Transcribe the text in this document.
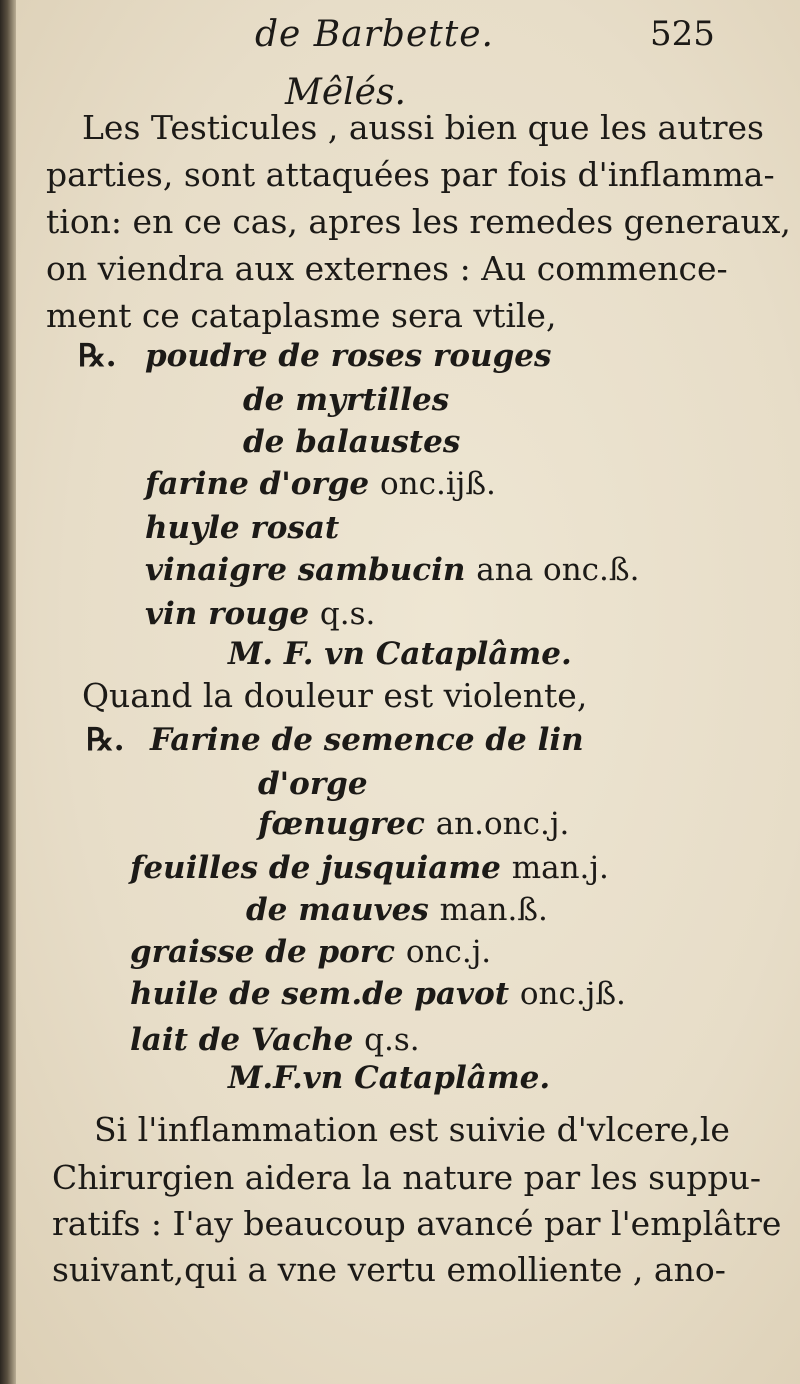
de Barbette.	525
Mêlés.
Les Testicules , aussi bien que les autres
parties, sont attaquées par fois d'inflamma-
tion: en ce cas, apres les remedes generaux,
on viendra aux externes : Au commence-
ment ce cataplasme sera vtile,
℞. poudre de roses rouges
de myrtilles
de balaustes
farine d'orge onc.ijß.
huyle rosat
vinaigre sambucin ana onc.ß.
vin rouge q.s.
M. F. vn Cataplâme.
Quand la douleur est violente,
℞. Farine de semence de lin
d'orge
fœnugrec an.onc.j.
feuilles de jusquiame man.j.
de mauves man.ß.
graisse de porc onc.j.
huile de sem.de pavot onc.jß.
lait de Vache q.s.
M.F.vn Cataplâme.
Si l'inflammation est suivie d'vlcere,le
Chirurgien aidera la nature par les suppu-
ratifs : I'ay beaucoup avancé par l'emplâtre
suivant,qui a vne vertu emolliente , ano-
